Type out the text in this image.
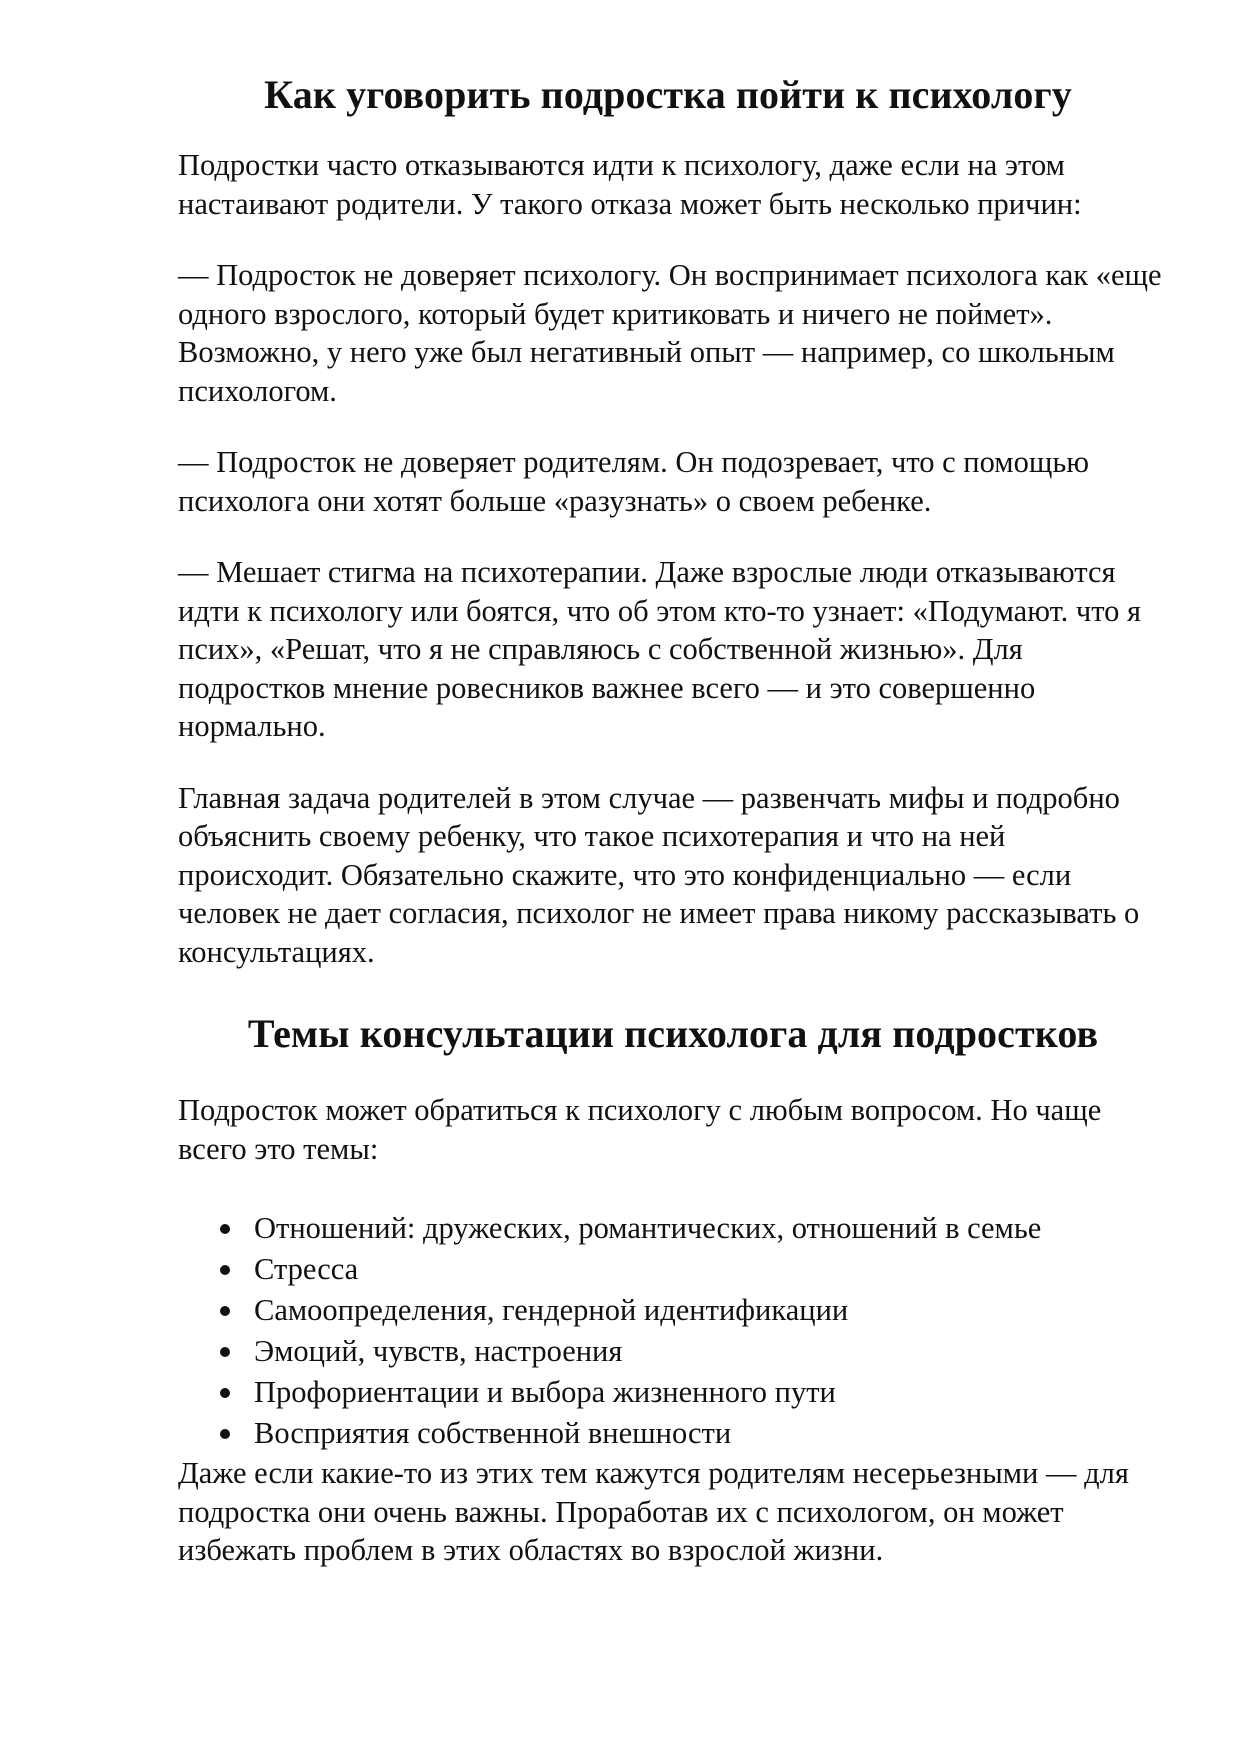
Как уговорить подростка пойти к психологу

Подростки часто отказываются идти к психологу, даже если на этом настаивают родители. У такого отказа может быть несколько причин:

— Подросток не доверяет психологу. Он воспринимает психолога как «еще одного взрослого, который будет критиковать и ничего не поймет». Возможно, у него уже был негативный опыт — например, со школьным психологом.

— Подросток не доверяет родителям. Он подозревает, что с помощью психолога они хотят больше «разузнать» о своем ребенке.

— Мешает стигма на психотерапии. Даже взрослые люди отказываются идти к психологу или боятся, что об этом кто-то узнает: «Подумают. что я псих», «Решат, что я не справляюсь с собственной жизнью». Для подростков мнение ровесников важнее всего — и это совершенно нормально.

Главная задача родителей в этом случае — развенчать мифы и подробно объяснить своему ребенку, что такое психотерапия и что на ней происходит. Обязательно скажите, что это конфиденциально — если человек не дает согласия, психолог не имеет права никому рассказывать о консультациях.

Темы консультации психолога для подростков

Подросток может обратиться к психологу с любым вопросом. Но чаще всего это темы:

Отношений: дружеских, романтических, отношений в семье
Стресса
Самоопределения, гендерной идентификации
Эмоций, чувств, настроения
Профориентации и выбора жизненного пути
Восприятия собственной внешности

Даже если какие-то из этих тем кажутся родителям несерьезными — для подростка они очень важны. Проработав их с психологом, он может избежать проблем в этих областях во взрослой жизни.
